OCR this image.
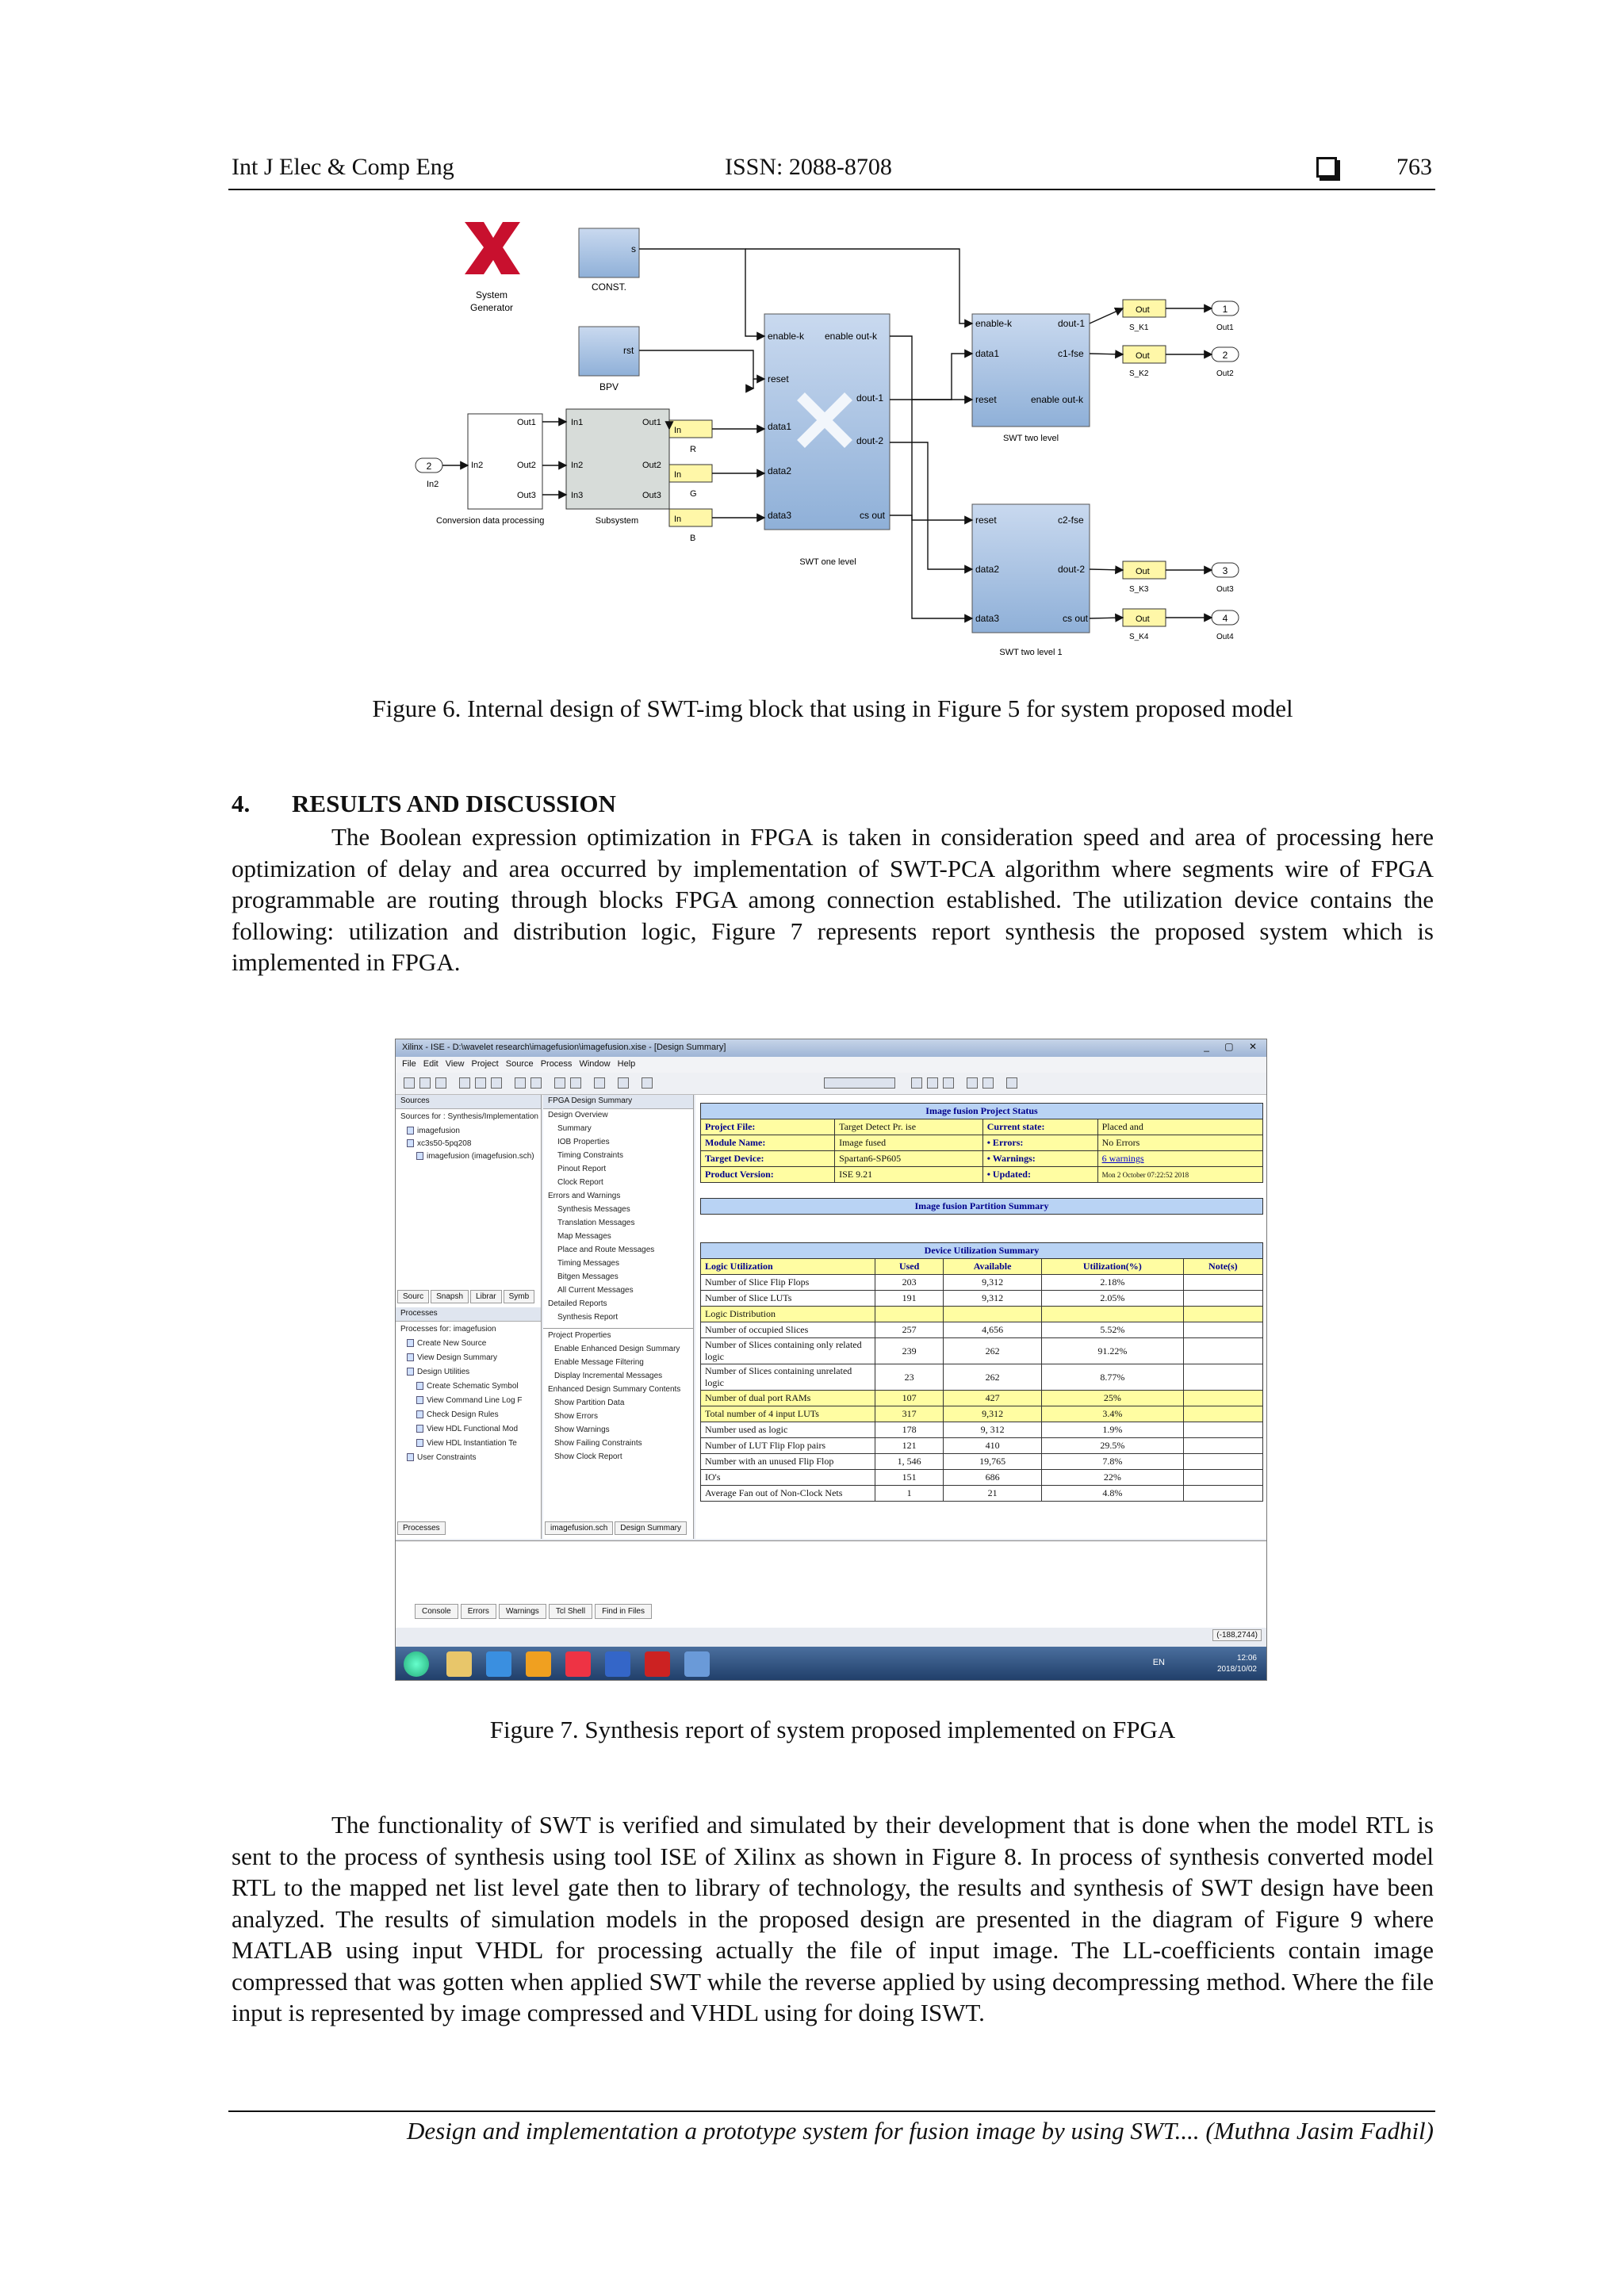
Int J Elec & Comp Eng	ISSN: 2088-8708	763
System
Generator
s
CONST.
rst
BPV
2
In2
In2
Out1
Out2
Out3
Conversion data processing
In1
In2
In3
Out1
Out2
Out3
Subsystem
In
R
In
G
In
B
enable-k enable out-k
reset
dout-1
data1
dout-2
data2
data3	cs out
SWT one level
enable-k	dout-1
data1	c1-fse
reset	enable out-k
SWT two level
reset	c2-fse
data2	dout-2
data3	cs out
SWT two level 1
Out
Out
Out
Out
S_K1
S_K2
S_K3
S_K4
1
2
3
4
Out1
Out2
Out3
Out4
Figure 6. Internal design of SWT-img block that using in Figure 5 for system proposed model
4. RESULTS AND DISCUSSION

The Boolean expression optimization in FPGA is taken in consideration speed and area of processing here optimization of delay and area occurred by implementation of SWT-PCA algorithm where segments wire of FPGA programmable are routing through blocks FPGA among connection established. The utilization device contains the following: utilization and distribution logic, Figure 7 represents report synthesis the proposed system which is implemented in FPGA.

Xilinx - ISE - D:\wavelet research\imagefusion\imagefusion.xise - [Design Summary]	_ ▢ ✕
File Edit View Project Source Process Window Help
Sources
Sources for : Synthesis/Implementation
imagefusion
xc3s50-5pq208
imagefusion (imagefusion.sch)
Sourc Snapsh Librar Symb
Processes
Processes for: imagefusion
Create New Source
View Design Summary
Design Utilities
Create Schematic Symbol
View Command Line Log F
Check Design Rules
View HDL Functional Mod
View HDL Instantiation Te
User Constraints
Processes
FPGA Design Summary
Design Overview
Summary
IOB Properties
Timing Constraints
Pinout Report
Clock Report
Errors and Warnings
Synthesis Messages
Translation Messages
Map Messages
Place and Route Messages
Timing Messages
Bitgen Messages
All Current Messages
Detailed Reports
Synthesis Report
Project Properties
Enable Enhanced Design Summary
Enable Message Filtering
Display Incremental Messages
Enhanced Design Summary Contents
Show Partition Data
Show Errors
Show Warnings
Show Failing Constraints
Show Clock Report
imagefusion.sch Design Summary
Image fusion Project Status			
Project File:	Target Detect Pr. ise	Current state:	Placed and
Module Name:	Image fused	• Errors:	No Errors
Target Device:	Spartan6-SP605	• Warnings:	6 warnings
Product Version:	ISE 9.21	• Updated:	Mon 2 October 07:22:52 2018
Image fusion Partition Summary
Device Utilization Summary				
Logic Utilization	Used	Available	Utilization(%)	Note(s)
Number of Slice Flip Flops	203	9,312	2.18%	
Number of Slice LUTs	191	9,312	2.05%	
Logic Distribution				
Number of occupied Slices	257	4,656	5.52%	
Number of Slices containing only related logic	239	262	91.22%	
Number of Slices containing unrelated logic	23	262	8.77%	
Number of dual port RAMs	107	427	25%	
Total number of 4 input LUTs	317	9,312	3.4%	
Number used as logic	178	9, 312	1.9%	
Number of LUT Flip Flop pairs	121	410	29.5%	
Number with an unused Flip Flop	1, 546	19,765	7.8%	
IO's	151	686	22%	
Average Fan out of Non-Clock Nets	1	21	4.8%	
Console Errors Warnings Tcl Shell Find in Files
(-188,2744)
EN	12:06
2018/10/02
Figure 7. Synthesis report of system proposed implemented on FPGA

The functionality of SWT is verified and simulated by their development that is done when the model RTL is sent to the process of synthesis using tool ISE of Xilinx as shown in Figure 8. In process of synthesis converted model RTL to the mapped net list level gate then to library of technology, the results and synthesis of SWT design have been analyzed. The results of simulation models in the proposed design are presented in the diagram of Figure 9 where MATLAB using input VHDL for processing actually the file of input image. The LL-coefficients contain image compressed that was gotten when applied SWT while the reverse applied by using decompressing method. Where the file input is represented by image compressed and VHDL using for doing ISWT.

Design and implementation a prototype system for fusion image by using SWT.... (Muthna Jasim Fadhil)
